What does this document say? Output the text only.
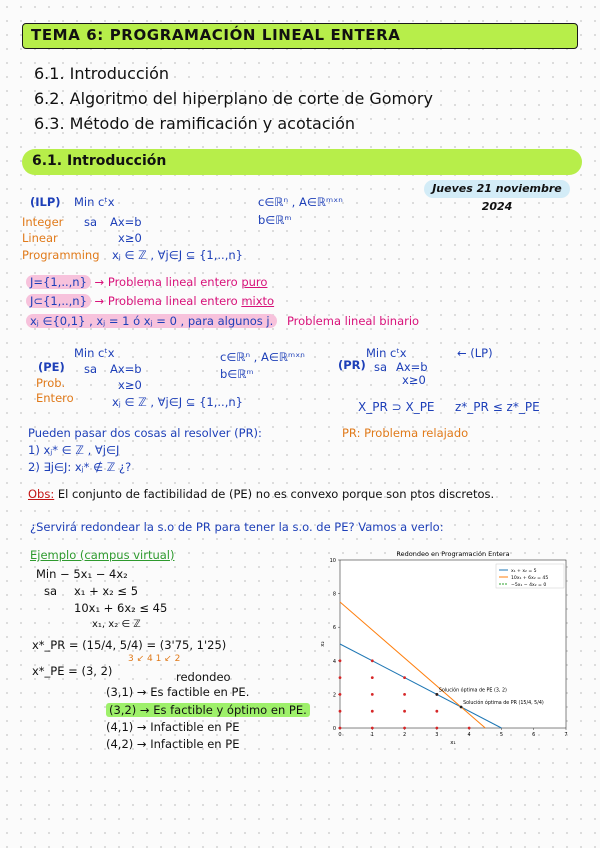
TEMA 6: PROGRAMACIÓN LINEAL ENTERA
6.1. Introducción
6.2. Algoritmo del hiperplano de corte de Gomory
6.3. Método de ramificación y acotación
6.1. Introducción
Jueves 21 noviembre 2024
(ILP) Min cᵗx
Integer sa Ax=b
Linear	x≥0
Programming xⱼ ∈ ℤ , ∀j∈J ⊆ {1,..,n}
c∈ℝⁿ , A∈ℝᵐˣⁿ
b∈ℝᵐ
J={1,..,n} → Problema lineal entero puro
J⊂{1,..,n} → Problema lineal entero mixto
xⱼ ∈{0,1} , xⱼ = 1 ó xⱼ = 0 , para algunos j. Problema lineal binario
Min cᵗx
(PE) sa Ax=b
Prob.	x≥0
Entero	xⱼ ∈ ℤ , ∀j∈J ⊆ {1,..,n}
c∈ℝⁿ , A∈ℝᵐˣⁿ
b∈ℝᵐ
Min cᵗx	← (LP)
(PR) sa Ax=b
x≥0
X_PR ⊃ X_PE z*_PR ≤ z*_PE
PR: Problema relajado
Pueden pasar dos cosas al resolver (PR):
1) xⱼ* ∈ ℤ , ∀j∈J
2) ∃j∈J: xⱼ* ∉ ℤ ¿?
Obs: El conjunto de factibilidad de (PE) no es convexo porque son ptos discretos.
¿Servirá redondear la s.o de PR para tener la s.o. de PE? Vamos a verlo:
Ejemplo (campus virtual)
Min − 5x₁ − 4x₂
sa x₁ + x₂ ≤ 5
10x₁ + 6x₂ ≤ 45
x₁, x₂ ∈ ℤ
x*_PR = (15/4, 5/4) = (3'75, 1'25)
3 ↙ 4 1 ↙ 2
x*_PE = (3, 2)	redondeo
(3,1) → Es factible en PE.
(3,2) → Es factible y óptimo en PE.
(4,1) → Infactible en PE
(4,2) → Infactible en PE
Redondeo en Programación Entera
0	1	2	3	4	5	6	7
0
2
4
6
8
10
x₁
x₂
Solución óptima de PE (3, 2)
Solución óptima de PR (15/4, 5/4)
x₁ + x₂ = 5
10x₁ + 6x₂ = 45
−5x₁ − 4x₂ = 0
